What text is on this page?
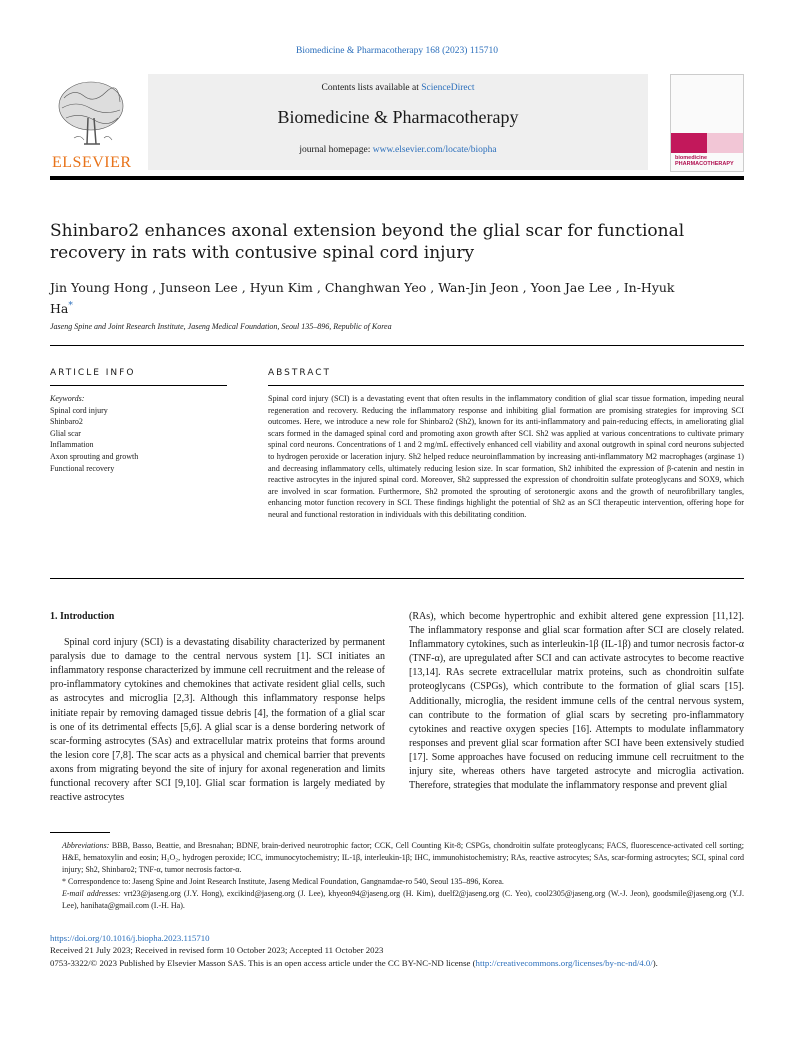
Biomedicine & Pharmacotherapy 168 (2023) 115710
ELSEVIER
Contents lists available at ScienceDirect
Biomedicine & Pharmacotherapy
journal homepage: www.elsevier.com/locate/biopha
biomedicine
PHARMACOTHERAPY
Shinbaro2 enhances axonal extension beyond the glial scar for functional recovery in rats with contusive spinal cord injury
Jin Young Hong , Junseon Lee , Hyun Kim , Changhwan Yeo , Wan-Jin Jeon , Yoon Jae Lee , In-Hyuk Ha*
Jaseng Spine and Joint Research Institute, Jaseng Medical Foundation, Seoul 135–896, Republic of Korea
ARTICLE INFO
Keywords:
Spinal cord injury
Shinbaro2
Glial scar
Inflammation
Axon sprouting and growth
Functional recovery
ABSTRACT
Spinal cord injury (SCI) is a devastating event that often results in the inflammatory condition of glial scar tissue formation, impeding neural regeneration and recovery. Reducing the inflammatory response and inhibiting glial formation are promising strategies for improving SCI outcomes. Here, we introduce a new role for Shinbaro2 (Sh2), known for its anti-inflammatory and pain-reducing effects, in ameliorating glial scars formed in the damaged spinal cord and promoting axon growth after SCI. Sh2 was applied at various concentrations to cultivate primary spinal cord neurons. Concentrations of 1 and 2 mg/mL effectively enhanced cell viability and axonal outgrowth in spinal cord neurons subjected to hydrogen peroxide or laceration injury. Sh2 helped reduce neuroinflammation by increasing anti-inflammatory M2 macrophages (arginase 1) and decreasing inflammatory cells, ultimately reducing lesion size. In scar formation, Sh2 inhibited the expression of β-catenin and nestin in reactive astrocytes in the injured spinal cord. Moreover, Sh2 suppressed the expression of chondroitin sulfate proteoglycans and SOX9, which are involved in scar formation. Furthermore, Sh2 promoted the sprouting of serotonergic axons and the growth of neurofibrillary tangles, enhancing motor function recovery in SCI. These findings highlight the potential of Sh2 as an SCI therapeutic intervention, offering hope for neural and functional restoration in individuals with this debilitating condition.
1. Introduction

Spinal cord injury (SCI) is a devastating disability characterized by permanent paralysis due to damage to the central nervous system [1]. SCI initiates an inflammatory response characterized by immune cell recruitment and the release of pro-inflammatory cytokines and chemokines that activate resident glial cells, such as astrocytes and microglia [2,3]. Although this inflammatory response helps initiate repair by removing damaged tissue debris [4], the formation of a glial scar is one of its detrimental effects [5,6]. A glial scar is a dense bordering network of scar-forming astrocytes (SAs) and extracellular matrix proteins that forms around the lesion core [7,8]. The scar acts as a physical and chemical barrier that prevents axons from migrating beyond the site of injury for axonal regeneration and limits functional recovery after SCI [9,10]. Glial scar formation is largely mediated by reactive astrocytes

(RAs), which become hypertrophic and exhibit altered gene expression [11,12]. The inflammatory response and glial scar formation after SCI are closely related. Inflammatory cytokines, such as interleukin-1β (IL-1β) and tumor necrosis factor-α (TNF-α), are upregulated after SCI and can activate astrocytes to become reactive [13,14]. RAs secrete extracellular matrix proteins, such as chondroitin sulfate proteoglycans (CSPGs), which contribute to the formation of glial scars [15]. Additionally, microglia, the resident immune cells of the central nervous system, can contribute to the formation of glial scars by secreting pro-inflammatory cytokines and reactive oxygen species [16]. Attempts to modulate inflammatory responses and prevent glial scar formation after SCI have been extensively studied [17]. Some approaches have focused on reducing immune cell recruitment to the injury site, whereas others have targeted astrocyte and microglia activation. Therefore, strategies that modulate the inflammatory response and prevent glial

Abbreviations: BBB, Basso, Beattie, and Bresnahan; BDNF, brain-derived neurotrophic factor; CCK, Cell Counting Kit-8; CSPGs, chondroitin sulfate proteoglycans; FACS, fluorescence-activated cell sorting; H&E, hematoxylin and eosin; H₂O₂, hydrogen peroxide; ICC, immunocytochemistry; IL-1β, interleukin-1β; IHC, immunohistochemistry; RAs, reactive astrocytes; SAs, scar-forming astrocytes; SCI, spinal cord injury; Sh2, Shinbaro2; TNF-α, tumor necrosis factor-α.

* Correspondence to: Jaseng Spine and Joint Research Institute, Jaseng Medical Foundation, Gangnamdae-ro 540, Seoul 135–896, Korea.

E-mail addresses: vrt23@jaseng.org (J.Y. Hong), excikind@jaseng.org (J. Lee), khyeon94@jaseng.org (H. Kim), duelf2@jaseng.org (C. Yeo), cool2305@jaseng.org (W.-J. Jeon), goodsmile@jaseng.org (Y.J. Lee), hanihata@gmail.com (I.-H. Ha).

https://doi.org/10.1016/j.biopha.2023.115710

Received 21 July 2023; Received in revised form 10 October 2023; Accepted 11 October 2023

0753-3322/© 2023 Published by Elsevier Masson SAS. This is an open access article under the CC BY-NC-ND license (http://creativecommons.org/licenses/by-nc-nd/4.0/).
